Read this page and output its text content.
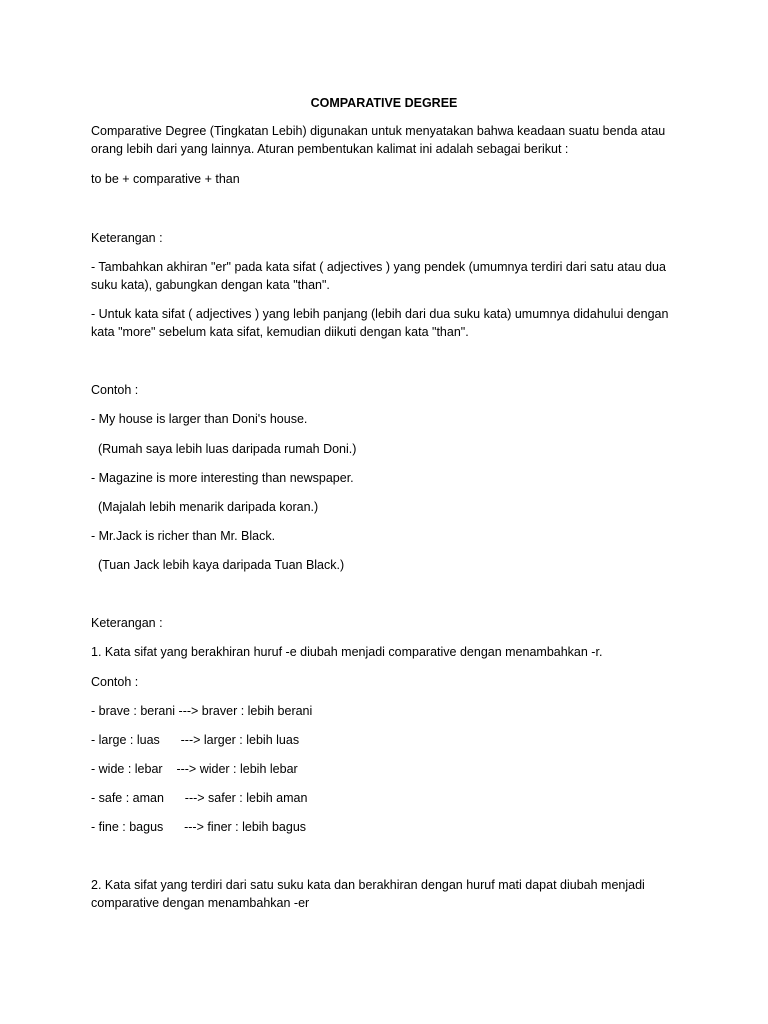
COMPARATIVE DEGREE
Comparative Degree (Tingkatan Lebih) digunakan untuk menyatakan bahwa keadaan suatu benda atau
orang lebih dari yang lainnya. Aturan pembentukan kalimat ini adalah sebagai berikut :
to be + comparative + than
Keterangan :
- Tambahkan akhiran "er" pada kata sifat ( adjectives ) yang pendek (umumnya terdiri dari satu atau dua
suku kata), gabungkan dengan kata "than".
- Untuk kata sifat ( adjectives ) yang lebih panjang (lebih dari dua suku kata) umumnya didahului dengan
kata "more" sebelum kata sifat, kemudian diikuti dengan kata "than".
Contoh :
- My house is larger than Doni's house.
(Rumah saya lebih luas daripada rumah Doni.)
- Magazine is more interesting than newspaper.
(Majalah lebih menarik daripada koran.)
- Mr.Jack is richer than Mr. Black.
(Tuan Jack lebih kaya daripada Tuan Black.)
Keterangan :
1. Kata sifat yang berakhiran huruf -e diubah menjadi comparative dengan menambahkan -r.
Contoh :
- brave : berani ---> braver : lebih berani
- large : luas      ---> larger : lebih luas
- wide : lebar    ---> wider : lebih lebar
- safe : aman      ---> safer : lebih aman
- fine : bagus      ---> finer : lebih bagus
2. Kata sifat yang terdiri dari satu suku kata dan berakhiran dengan huruf mati dapat diubah menjadi
comparative dengan menambahkan -er
